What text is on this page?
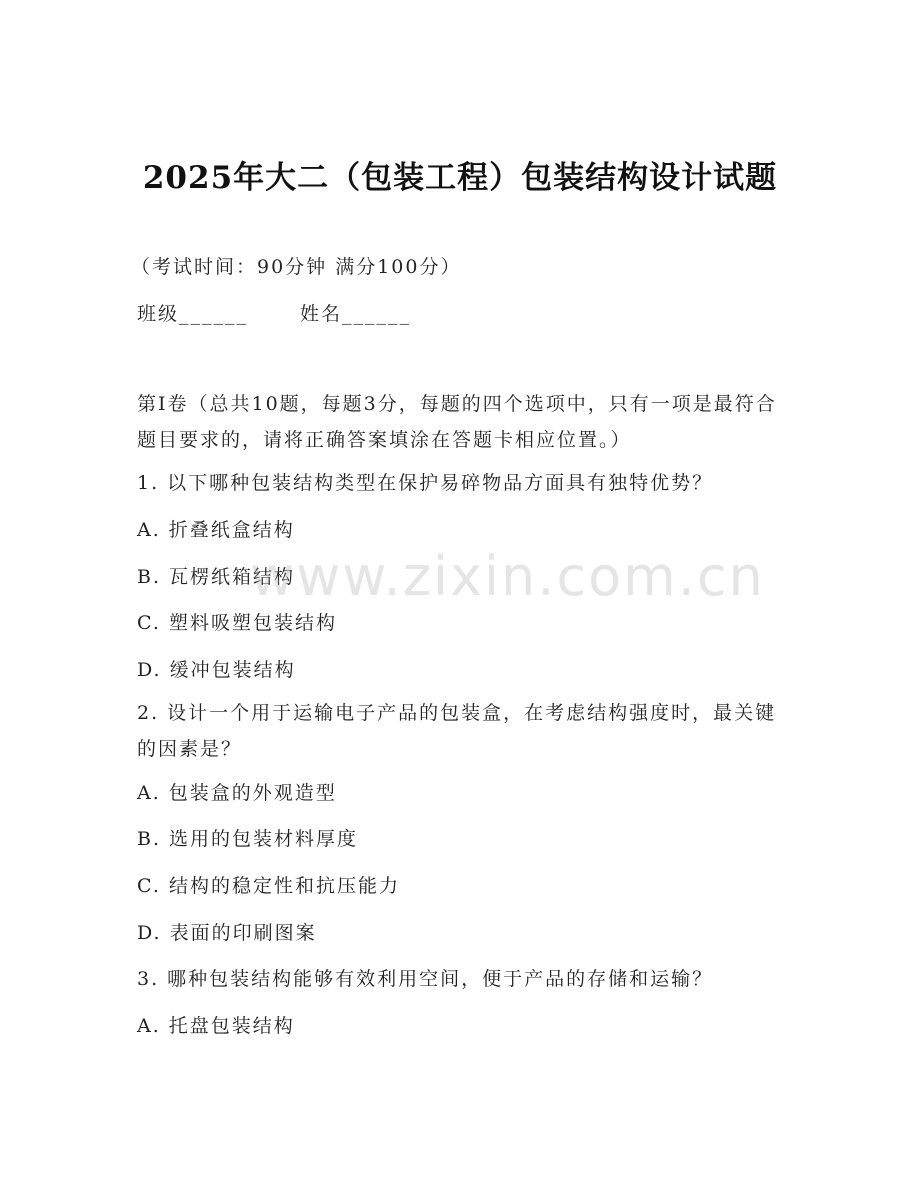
2025年大二（包装工程）包装结构设计试题
（考试时间：90分钟 满分100分）
班级______	姓名______
第I卷（总共10题，每题3分，每题的四个选项中，只有一项是最符合题目要求的，请将正确答案填涂在答题卡相应位置。）
1. 以下哪种包装结构类型在保护易碎物品方面具有独特优势？
A. 折叠纸盒结构
B. 瓦楞纸箱结构
C. 塑料吸塑包装结构
D. 缓冲包装结构
2. 设计一个用于运输电子产品的包装盒，在考虑结构强度时，最关键的因素是？
A. 包装盒的外观造型
B. 选用的包装材料厚度
C. 结构的稳定性和抗压能力
D. 表面的印刷图案
3. 哪种包装结构能够有效利用空间，便于产品的存储和运输？
A. 托盘包装结构
www.zixin.com.cn
